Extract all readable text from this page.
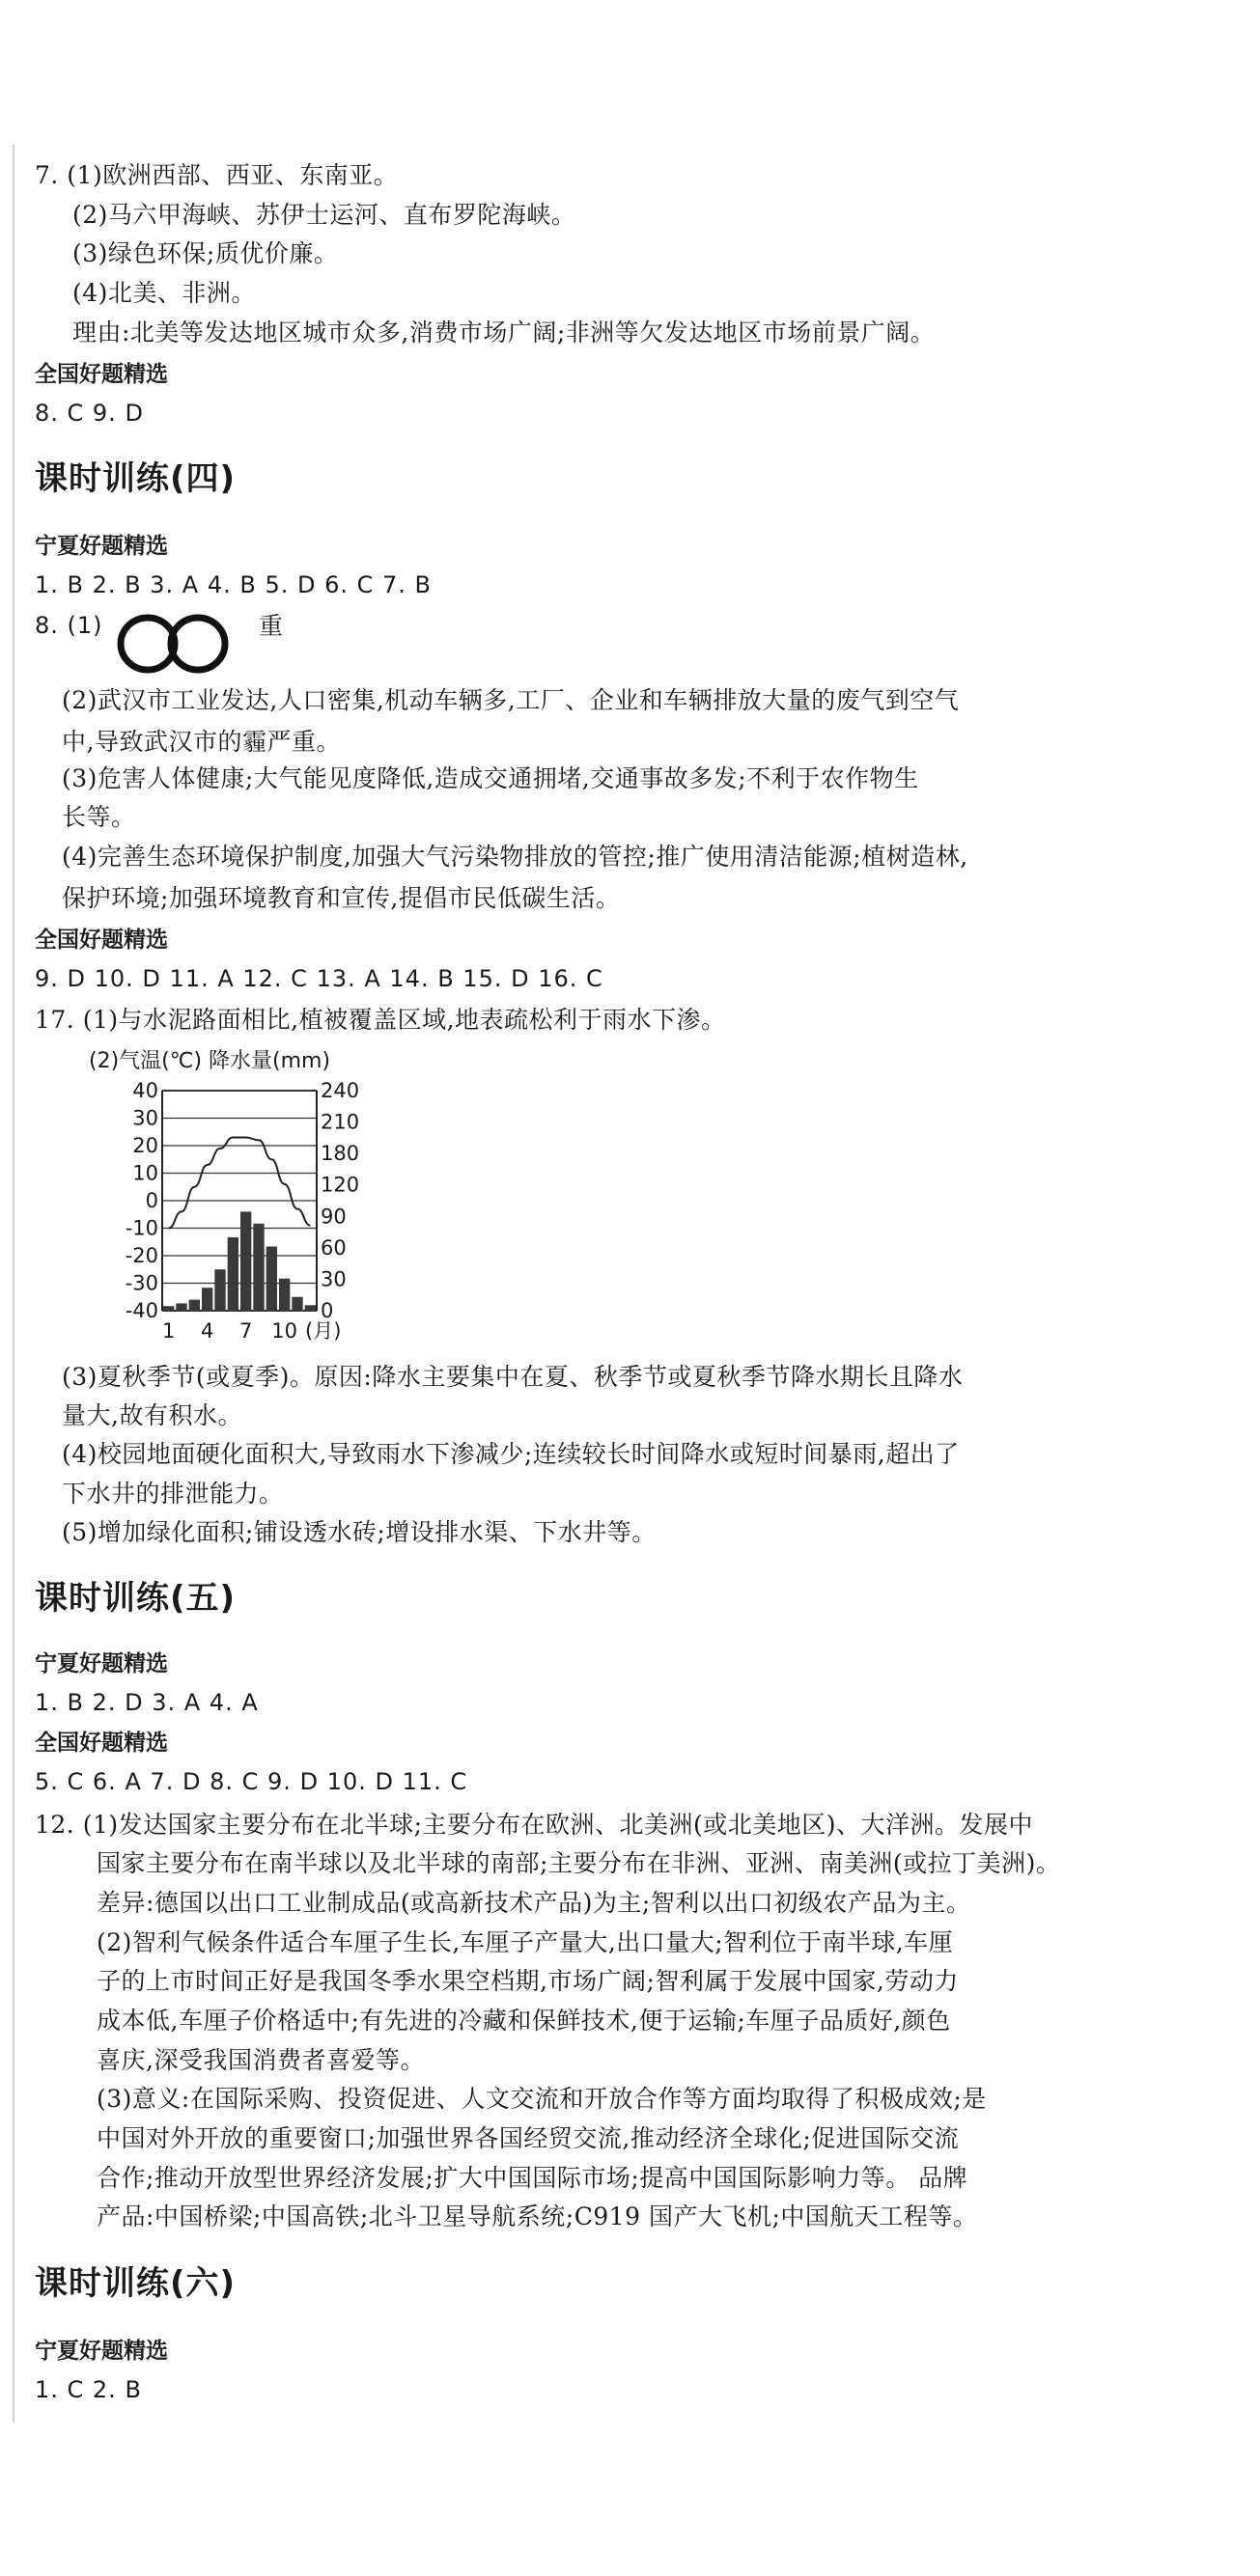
7. (1)欧洲西部、西亚、东南亚。
(2)马六甲海峡、苏伊士运河、直布罗陀海峡。
(3)绿色环保;质优价廉。
(4)北美、非洲。
理由:北美等发达地区城市众多,消费市场广阔;非洲等欠发达地区市场前景广阔。
全国好题精选
8. C 9. D
课时训练(四)
宁夏好题精选
1. B 2. B 3. A 4. B 5. D 6. C 7. B
8. (1)	重
(2)武汉市工业发达,人口密集,机动车辆多,工厂、企业和车辆排放大量的废气到空气
中,导致武汉市的霾严重。
(3)危害人体健康;大气能见度降低,造成交通拥堵,交通事故多发;不利于农作物生
长等。
(4)完善生态环境保护制度,加强大气污染物排放的管控;推广使用清洁能源;植树造林,
保护环境;加强环境教育和宣传,提倡市民低碳生活。
全国好题精选
9. D 10. D 11. A 12. C 13. A 14. B 15. D 16. C
17. (1)与水泥路面相比,植被覆盖区域,地表疏松利于雨水下渗。
(2)气温(℃) 降水量(mm)
40
30
20
10
0
-10
-20
-30
-40
240
210
180
120
90
60
30
0
1 4 7 10 (月)
(3)夏秋季节(或夏季)。原因:降水主要集中在夏、秋季节或夏秋季节降水期长且降水
量大,故有积水。
(4)校园地面硬化面积大,导致雨水下渗减少;连续较长时间降水或短时间暴雨,超出了
下水井的排泄能力。
(5)增加绿化面积;铺设透水砖;增设排水渠、下水井等。
课时训练(五)
宁夏好题精选
1. B 2. D 3. A 4. A
全国好题精选
5. C 6. A 7. D 8. C 9. D 10. D 11. C
12. (1)发达国家主要分布在北半球;主要分布在欧洲、北美洲(或北美地区)、大洋洲。发展中
国家主要分布在南半球以及北半球的南部;主要分布在非洲、亚洲、南美洲(或拉丁美洲)。
差异:德国以出口工业制成品(或高新技术产品)为主;智利以出口初级农产品为主。
(2)智利气候条件适合车厘子生长,车厘子产量大,出口量大;智利位于南半球,车厘
子的上市时间正好是我国冬季水果空档期,市场广阔;智利属于发展中国家,劳动力
成本低,车厘子价格适中;有先进的冷藏和保鲜技术,便于运输;车厘子品质好,颜色
喜庆,深受我国消费者喜爱等。
(3)意义:在国际采购、投资促进、人文交流和开放合作等方面均取得了积极成效;是
中国对外开放的重要窗口;加强世界各国经贸交流,推动经济全球化;促进国际交流
合作;推动开放型世界经济发展;扩大中国国际市场;提高中国国际影响力等。 品牌
产品:中国桥梁;中国高铁;北斗卫星导航系统;C919 国产大飞机;中国航天工程等。
课时训练(六)
宁夏好题精选
1. C 2. B
